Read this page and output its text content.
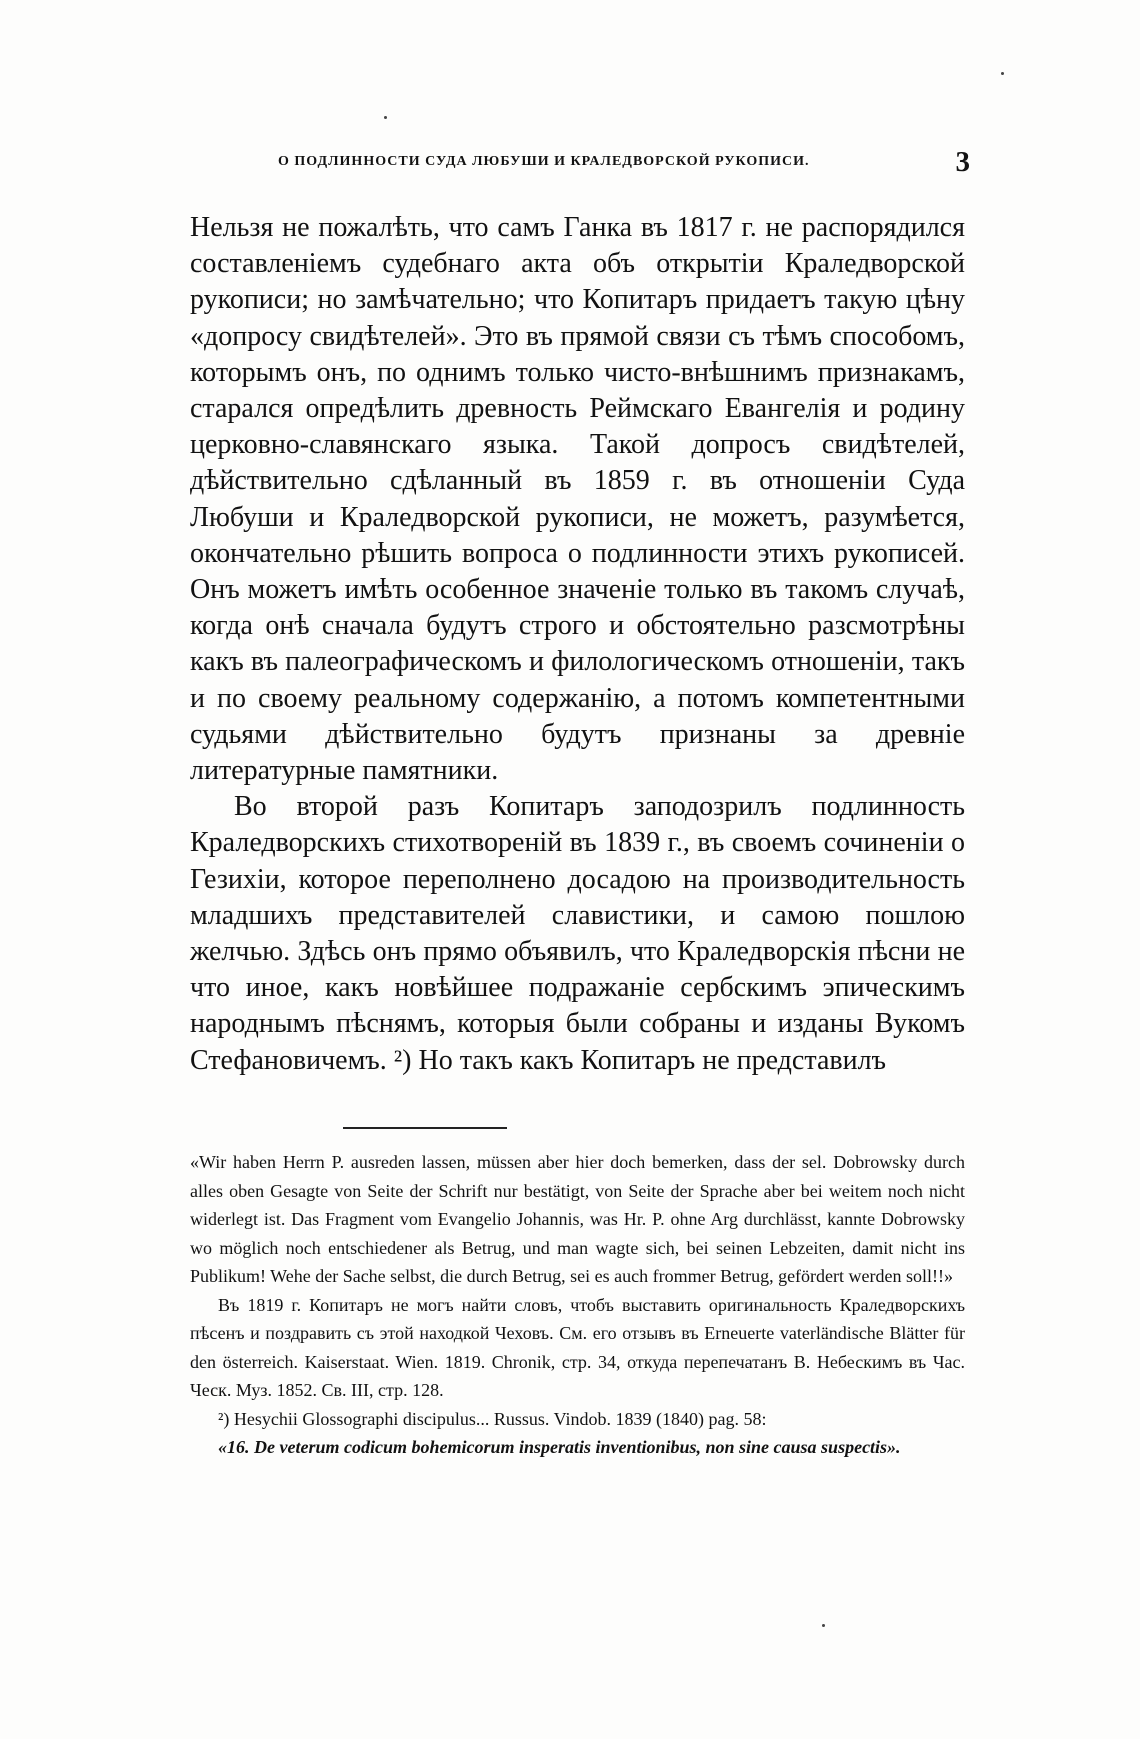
О ПОДЛИННОСТИ СУДА ЛЮБУШИ И КРАЛЕДВОРСКОЙ РУКОПИСИ.	3

Нельзя не пожалѣть, что самъ Ганка въ 1817 г. не распорядился составленіемъ судебнаго акта объ открытіи Краледворской рукописи; но замѣчательно; что Копитаръ придаетъ такую цѣну «допросу свидѣтелей». Это въ прямой связи съ тѣмъ способомъ, которымъ онъ, по однимъ только чисто-внѣшнимъ признакамъ, старался опредѣлить древность Реймскаго Евангелія и родину церковно-славянскаго языка. Такой допросъ свидѣтелей, дѣйствительно сдѣланный въ 1859 г. въ отношеніи Суда Любуши и Краледворской рукописи, не можетъ, разумѣется, окончательно рѣшить вопроса о подлинности этихъ рукописей. Онъ можетъ имѣть особенное значеніе только въ такомъ случаѣ, когда онѣ сначала будутъ строго и обстоятельно разсмотрѣны какъ въ палеографическомъ и филологическомъ отношеніи, такъ и по своему реальному содержанію, а потомъ компетентными судьями дѣйствительно будутъ признаны за древніе литературные памятники.

Во второй разъ Копитаръ заподозрилъ подлинность Краледворскихъ стихотвореній въ 1839 г., въ своемъ сочиненіи о Гезихіи, которое переполнено досадою на производительность младшихъ представителей славистики, и самою пошлою желчью. Здѣсь онъ прямо объявилъ, что Краледворскія пѣсни не что иное, какъ новѣйшее подражаніе сербскимъ эпическимъ народнымъ пѣснямъ, которыя были собраны и изданы Вукомъ Стефановичемъ. ²) Но такъ какъ Копитаръ не представилъ

«Wir haben Herrn P. ausreden lassen, müssen aber hier doch bemerken, dass der sel. Dobrowsky durch alles oben Gesagte von Seite der Schrift nur bestätigt, von Seite der Sprache aber bei weitem noch nicht widerlegt ist. Das Fragment vom Evangelio Johannis, was Hr. P. ohne Arg durchlässt, kannte Dobrowsky wo möglich noch entschiedener als Betrug, und man wagte sich, bei seinen Lebzeiten, damit nicht ins Publikum! Wehe der Sache selbst, die durch Betrug, sei es auch frommer Betrug, gefördert werden soll!!»

Въ 1819 г. Копитаръ не могъ найти словъ, чтобъ выставить оригинальность Краледворскихъ пѣсенъ и поздравить съ этой находкой Чеховъ. См. его отзывъ въ Erneuerte vaterländische Blätter für den österreich. Kaiserstaat. Wien. 1819. Chronik, стр. 34, откуда перепечатанъ В. Небескимъ въ Час. Ческ. Муз. 1852. Св. III, стр. 128.

²) Hesychii Glossographi discipulus... Russus. Vindob. 1839 (1840) pag. 58:

«16. De veterum codicum bohemicorum insperatis inventionibus, non sine causa suspectis».
